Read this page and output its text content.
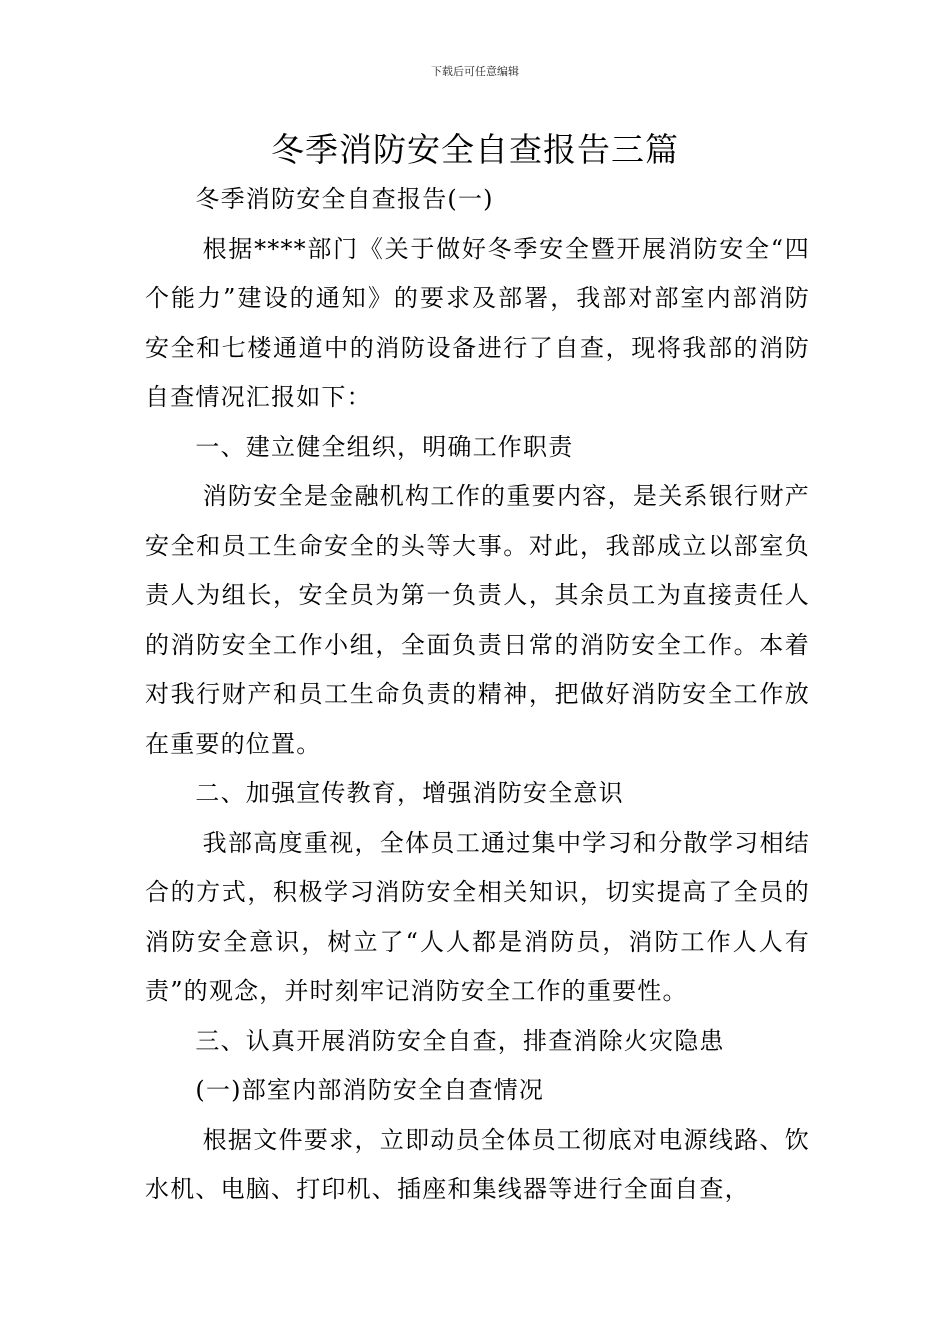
下载后可任意编辑
冬季消防安全自查报告三篇

冬季消防安全自查报告(一)

根据****部门《关于做好冬季安全暨开展消防安全“四个能力”建设的通知》的要求及部署，我部对部室内部消防安全和七楼通道中的消防设备进行了自查，现将我部的消防自查情况汇报如下：

一、建立健全组织，明确工作职责

消防安全是金融机构工作的重要内容，是关系银行财产安全和员工生命安全的头等大事。对此，我部成立以部室负责人为组长，安全员为第一负责人，其余员工为直接责任人的消防安全工作小组，全面负责日常的消防安全工作。本着对我行财产和员工生命负责的精神，把做好消防安全工作放在重要的位置。

二、加强宣传教育，增强消防安全意识

我部高度重视，全体员工通过集中学习和分散学习相结合的方式，积极学习消防安全相关知识，切实提高了全员的消防安全意识，树立了“人人都是消防员，消防工作人人有责”的观念，并时刻牢记消防安全工作的重要性。

三、认真开展消防安全自查，排查消除火灾隐患

(一)部室内部消防安全自查情况

根据文件要求，立即动员全体员工彻底对电源线路、饮水机、电脑、打印机、插座和集线器等进行全面自查，
